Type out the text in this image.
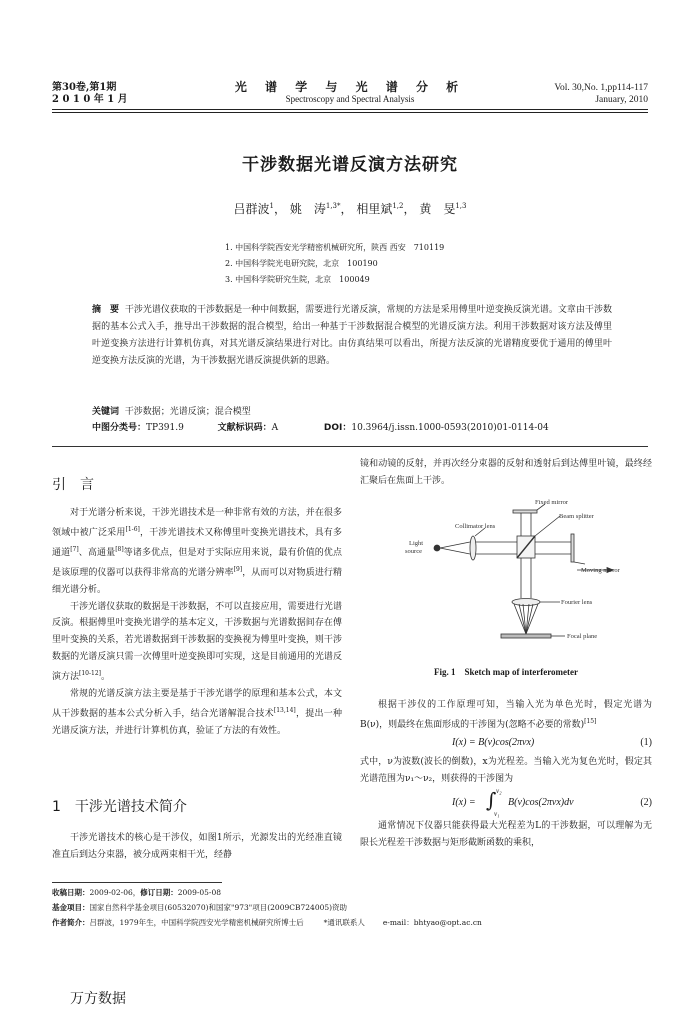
第30卷,第1期
2 0 1 0 年 1 月
光 谱 学 与 光 谱 分 析
Spectroscopy and Spectral Analysis
Vol. 30,No. 1,pp114-117
January, 2010
干涉数据光谱反演方法研究
吕群波$^1$， 姚　涛$^{1,3*}$， 相里斌$^{1,2}$， 黄　旻$^{1,3}$
1. 中国科学院西安光学精密机械研究所，陕西 西安　710119
2. 中国科学院光电研究院，北京　100190
3. 中国科学院研究生院，北京　100049
摘　要 干涉光谱仪获取的干涉数据是一种中间数据，需要进行光谱反演，常规的方法是采用傅里叶逆变换反演光谱。文章由干涉数据的基本公式入手，推导出干涉数据的混合模型，给出一种基于干涉数据混合模型的光谱反演方法。利用干涉数据对该方法及傅里叶逆变换方法进行计算机仿真，对其光谱反演结果进行对比。由仿真结果可以看出，所提方法反演的光谱精度要优于通用的傅里叶逆变换方法反演的光谱，为干涉数据光谱反演提供新的思路。
关键词 干涉数据；光谱反演；混合模型
中图分类号：TP391.9	文献标识码：A	DOI：10.3964/j.issn.1000-0593(2010)01-0114-04
引　言

对于光谱分析来说，干涉光谱技术是一种非常有效的方法，并在很多领域中被广泛采用[1-6]，干涉光谱技术又称傅里叶变换光谱技术，具有多通道[7]、高通量[8]等诸多优点，但是对于实际应用来说，最有价值的优点是该原理的仪器可以获得非常高的光谱分辨率[9]，从而可以对物质进行精细光谱分析。

干涉光谱仪获取的数据是干涉数据，不可以直接应用，需要进行光谱反演。根据傅里叶变换光谱学的基本定义，干涉数据与光谱数据间存在傅里叶变换的关系，若光谱数据到干涉数据的变换视为傅里叶变换，则干涉数据的光谱反演只需一次傅里叶逆变换即可实现，这是目前通用的光谱反演方法[10-12]。

常规的光谱反演方法主要是基于干涉光谱学的原理和基本公式，本文从干涉数据的基本公式分析入手，结合光谱解混合技术[13,14]，提出一种光谱反演方法，并进行计算机仿真，验证了方法的有效性。

1　干涉光谱技术简介

干涉光谱技术的核心是干涉仪，如图1所示，光源发出的光经准直镜准直后到达分束器，被分成两束相干光，经静

镜和动镜的反射，并再次经分束器的反射和透射后到达傅里叶镜，最终经汇聚后在焦面上干涉。

Fixed mirror
Beam splitter
Collimator lens
Light
source
Moving mirror
Fourier lens
Focal plane
Fig. 1　Sketch map of interferometer

根据干涉仪的工作原理可知，当输入光为单色光时，假定光谱为B(ν)，则最终在焦面形成的干涉图为(忽略不必要的常数)[15]

I(x) = B(ν)cos(2πνx)	(1)

式中，ν为波数(波长的倒数)，x为光程差。当输入光为复色光时，假定其光谱范围为ν₁～ν₂，则获得的干涉图为

I(x) = ∫ ν₂
ν₁
B(ν)cos(2πνx)dν	(2)

通常情况下仪器只能获得最大光程差为L的干涉数据，可以理解为无限长光程差干涉数据与矩形截断函数的乘积，

收稿日期：2009-02-06，修订日期：2009-05-08
基金项目：国家自然科学基金项目(60532070)和国家"973"项目(2009CB724005)资助
作者简介：吕群波，1979年生，中国科学院西安光学精密机械研究所博士后	*通讯联系人 e-mail：bhtyao@opt.ac.cn
万方数据
